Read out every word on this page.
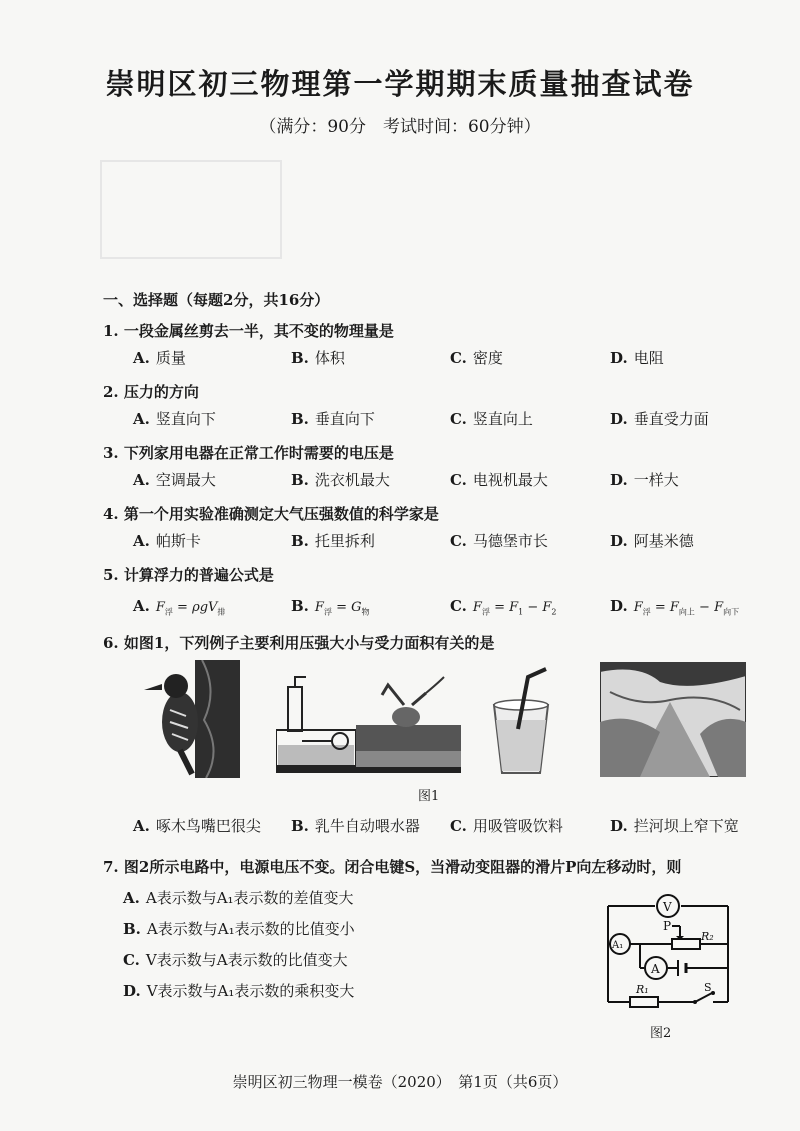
崇明区初三物理第一学期期末质量抽查试卷
（满分：90分　考试时间：60分钟）
一、选择题（每题2分，共16分）
1. 一段金属丝剪去一半，其不变的物理量是
A. 质量	B. 体积	C. 密度	D. 电阻
2. 压力的方向
A. 竖直向下	B. 垂直向下	C. 竖直向上	D. 垂直受力面
3. 下列家用电器在正常工作时需要的电压是
A. 空调最大	B. 洗衣机最大	C. 电视机最大	D. 一样大
4. 第一个用实验准确测定大气压强数值的科学家是
A. 帕斯卡	B. 托里拆利	C. 马德堡市长	D. 阿基米德
5. 计算浮力的普遍公式是
A. $F_浮 = \rho gV_排$	B. $F_浮 = G_物$	C. $F_浮 = F_1 - F_2$	D. $F_浮 = F_{向上} - F_{向下}$
6. 如图1，下列例子主要利用压强大小与受力面积有关的是
图1
A. 啄木鸟嘴巴很尖 B. 乳牛自动喂水器 C. 用吸管吸饮料	D. 拦河坝上窄下宽
7. 图2所示电路中，电源电压不变。闭合电键S，当滑动变阻器的滑片P向左移动时，则
A. A表示数与A₁表示数的差值变大
B. A表示数与A₁表示数的比值变小
C. V表示数与A表示数的比值变大
D. V表示数与A₁表示数的乘积变大
V
A₁
A
P
R₂
R₁	S
图2
崇明区初三物理一模卷（2020）　第1页（共6页）
